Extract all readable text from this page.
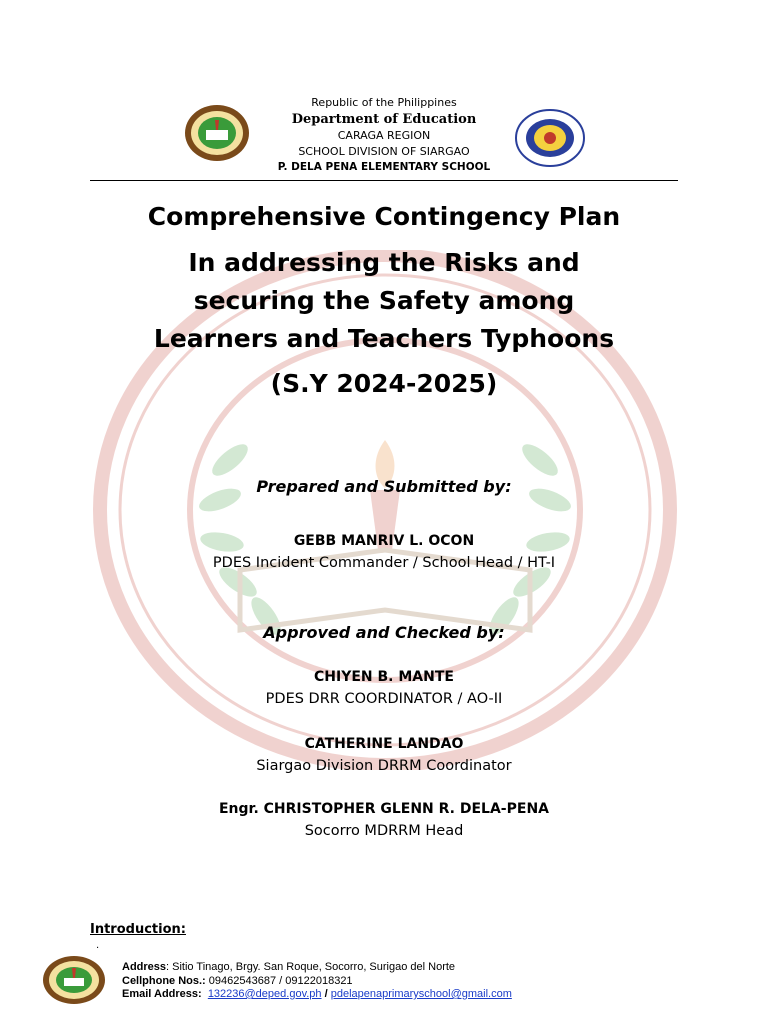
Republic of the Philippines
Department of Education
CARAGA REGION
SCHOOL DIVISION OF SIARGAO
P. DELA PENA ELEMENTARY SCHOOL
Comprehensive Contingency Plan
In addressing the Risks and
securing the Safety among
Learners and Teachers Typhoons
(S.Y 2024-2025)
Prepared and Submitted by:
GEBB MANRIV L. OCON
PDES Incident Commander / School Head / HT-I
Approved and Checked by:
CHIYEN B. MANTE
PDES DRR COORDINATOR / AO-II
CATHERINE LANDAO
Siargao Division DRRM Coordinator
Engr. CHRISTOPHER GLENN R. DELA-PENA
Socorro MDRRM Head
Introduction:
.
Address: Sitio Tinago, Brgy. San Roque, Socorro, Surigao del Norte
Cellphone Nos.: 09462543687 / 09122018321
Email Address: 132236@deped.gov.ph / pdelapenaprimaryschool@gmail.com
